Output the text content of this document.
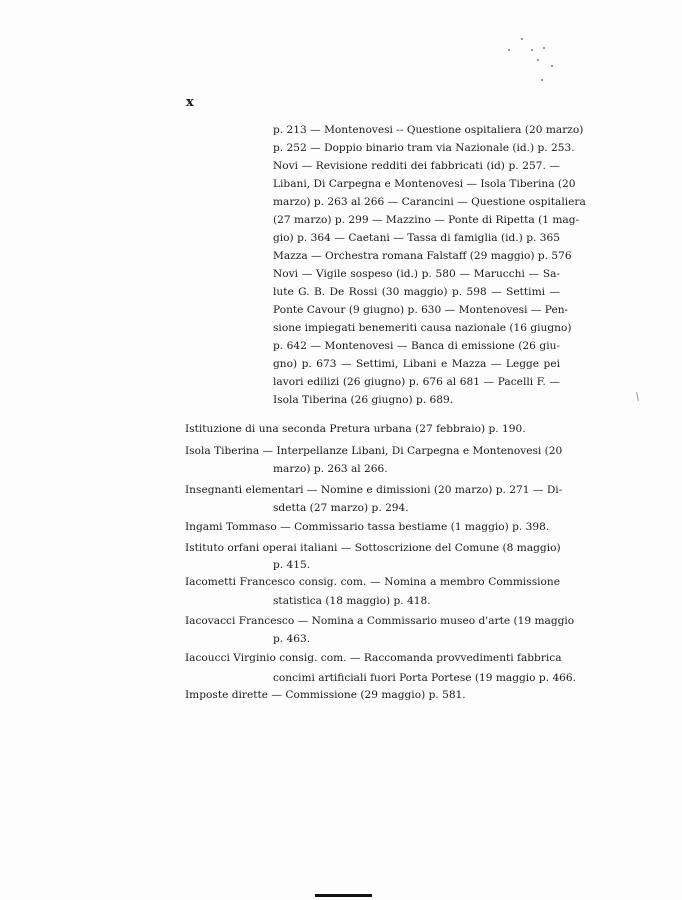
x
p. 213 — Montenovesi -- Questione ospitaliera (20 marzo)
p. 252 — Doppio binario tram via Nazionale (id.) p. 253.
Novi — Revisione redditi dei fabbricati (id) p. 257. —
Libani, Di Carpegna e Montenovesi — Isola Tiberina (20
marzo) p. 263 al 266 — Carancini — Questione ospitaliera
(27 marzo) p. 299 — Mazzino — Ponte di Ripetta (1 mag-
gio) p. 364 — Caetani — Tassa di famiglia (id.) p. 365
Mazza — Orchestra romana Falstaff (29 maggio) p. 576
Novi — Vigile sospeso (id.) p. 580 — Marucchi — Sa-
lute G. B. De Rossi (30 maggio) p. 598 — Settimi —
Ponte Cavour (9 giugno) p. 630 — Montenovesi — Pen-
sione impiegati benemeriti causa nazionale (16 giugno)
p. 642 — Montenovesi — Banca di emissione (26 giu-
gno) p. 673 — Settimi, Libani e Mazza — Legge pei
lavori edilizi (26 giugno) p. 676 al 681 — Pacelli F. —
Isola Tiberina (26 giugno) p. 689.
Istituzione di una seconda Pretura urbana (27 febbraio) p. 190.
Isola Tiberina — Interpellanze Libani, Di Carpegna e Montenovesi (20
marzo) p. 263 al 266.
Insegnanti elementari — Nomine e dimissioni (20 marzo) p. 271 — Di-
sdetta (27 marzo) p. 294.
Ingami Tommaso — Commissario tassa bestiame (1 maggio) p. 398.
Istituto orfani operai italiani — Sottoscrizione del Comune (8 maggio)
p. 415.
Iacometti Francesco consig. com. — Nomina a membro Commissione
statistica (18 maggio) p. 418.
Iacovacci Francesco — Nomina a Commissario museo d'arte (19 maggio
p. 463.
Iacoucci Virginio consig. com. — Raccomanda provvedimenti fabbrica
concimi artificiali fuori Porta Portese (19 maggio p. 466.
Imposte dirette — Commissione (29 maggio) p. 581.
